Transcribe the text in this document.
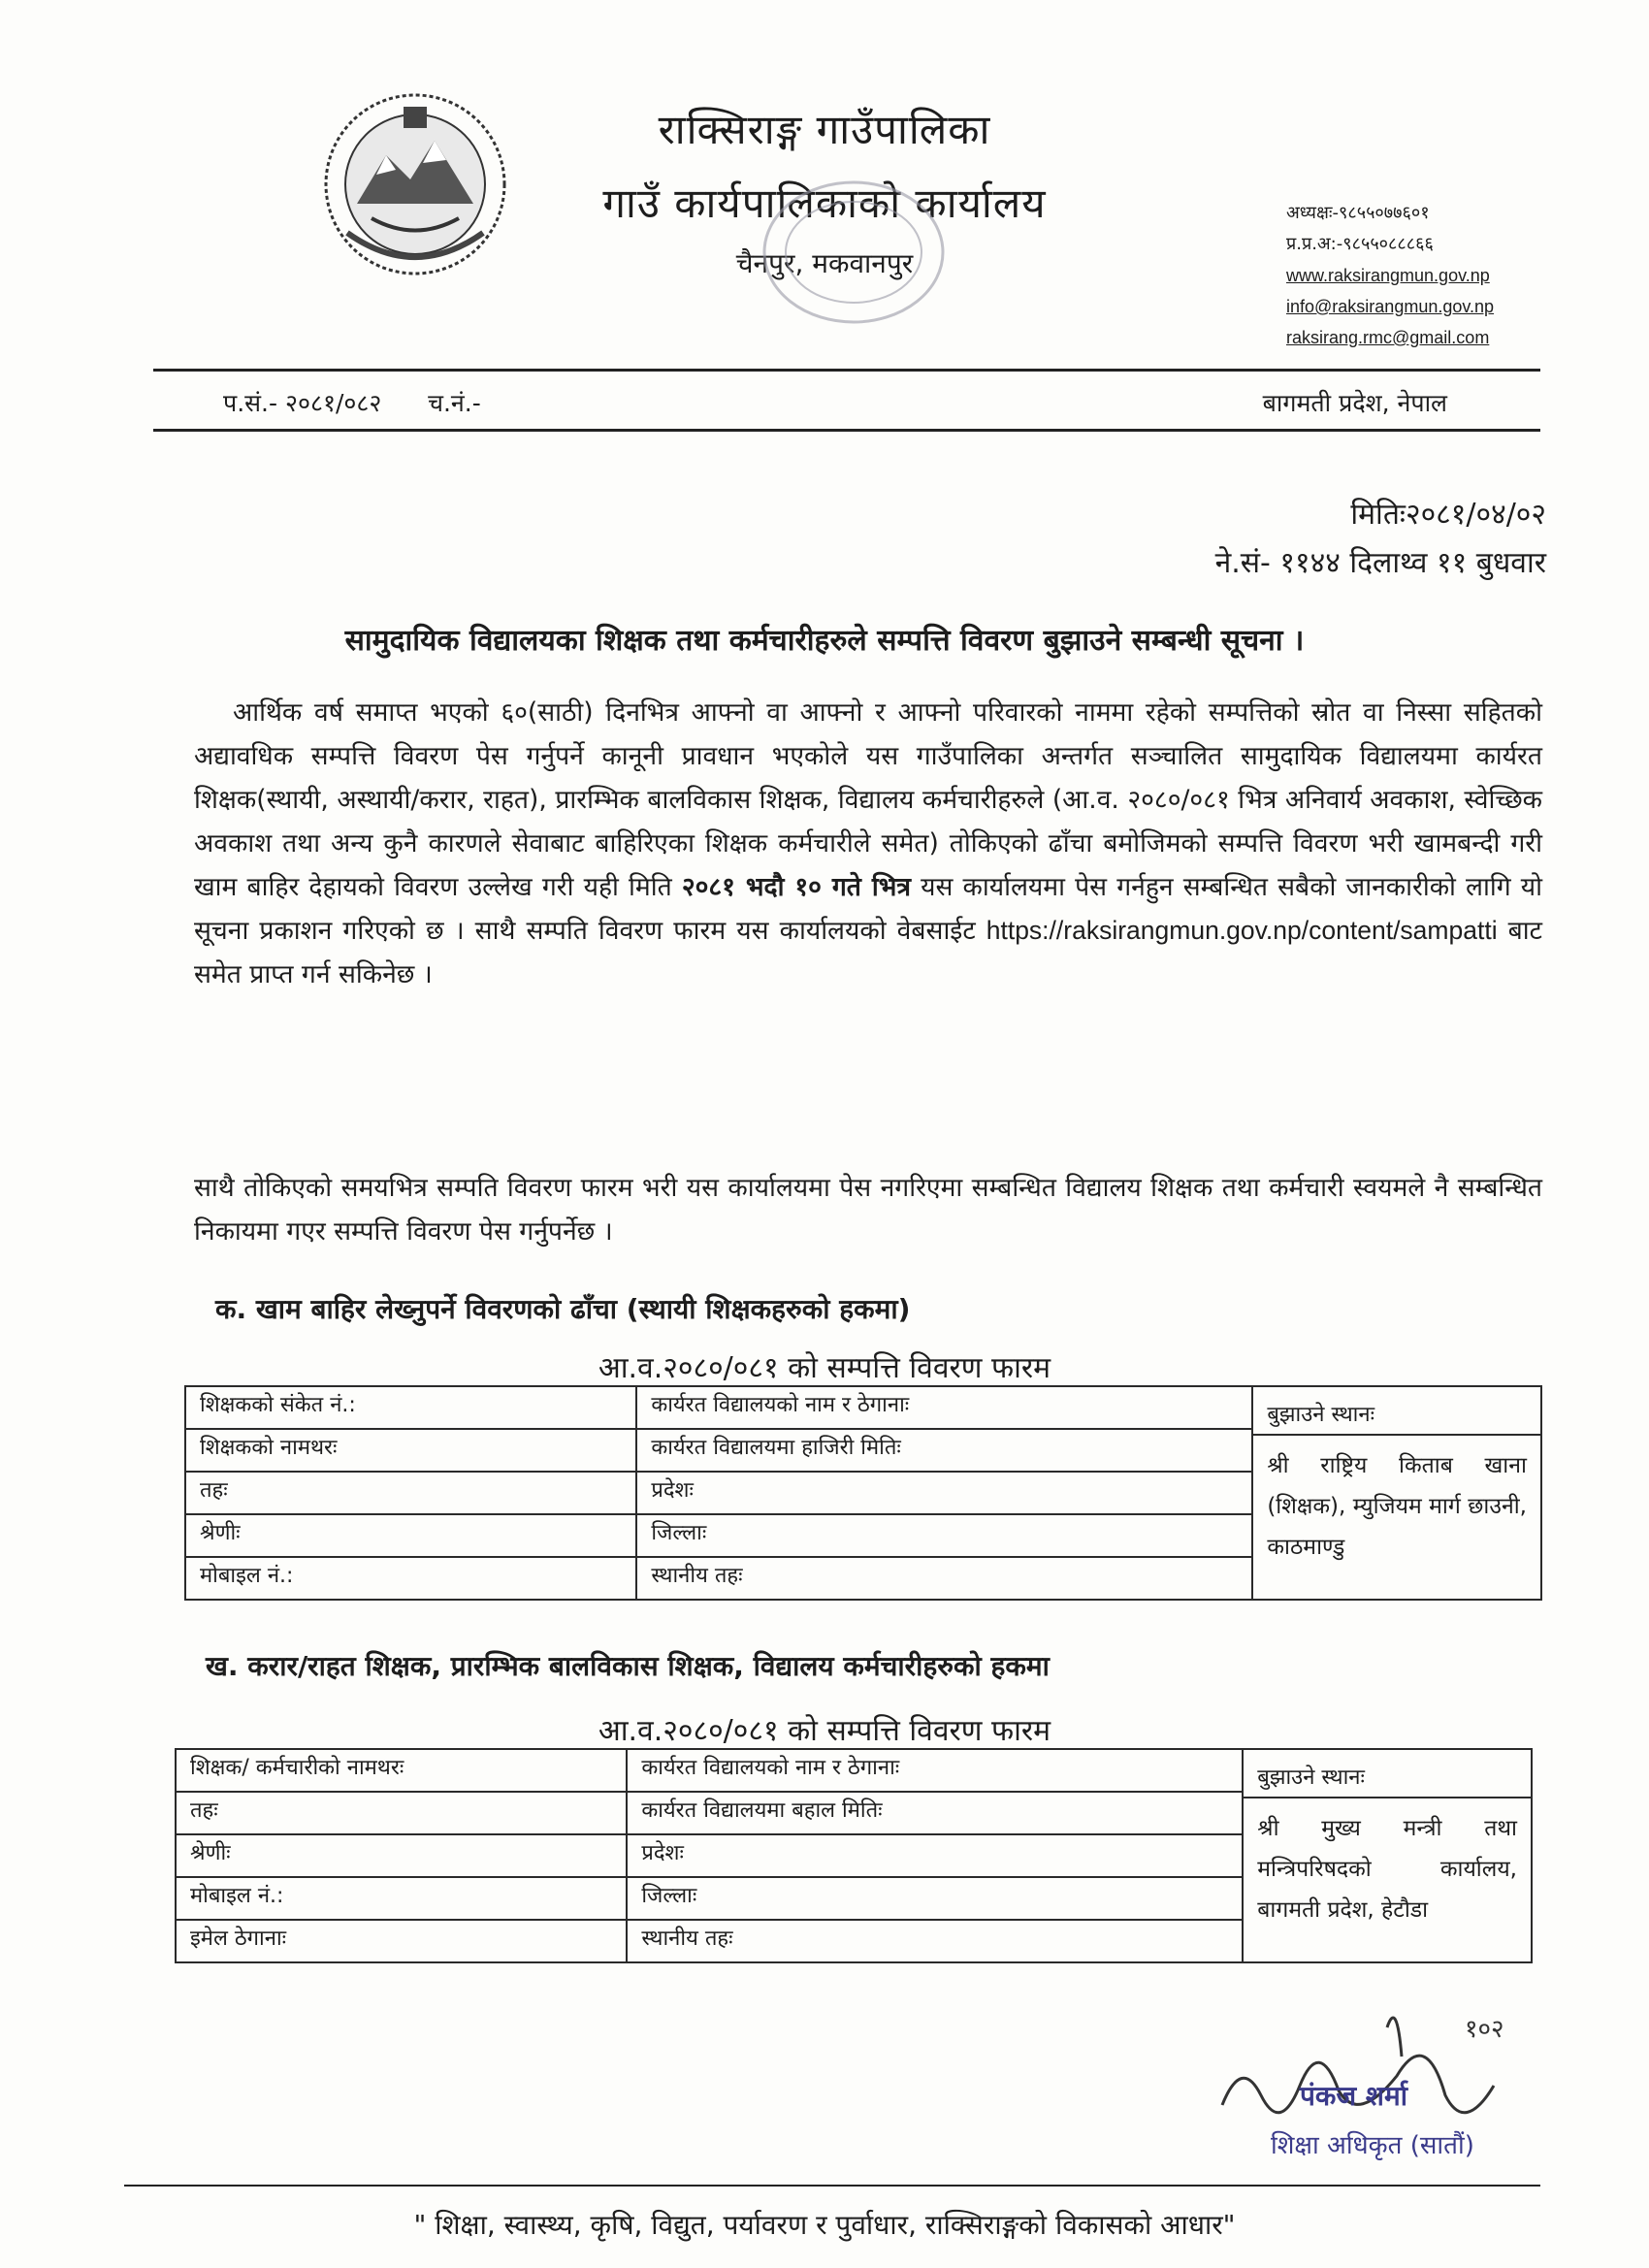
राक्सिराङ्ग गाउँपालिका
गाउँ कार्यपालिकाको कार्यालय
चैनपुर, मकवानपुर
अध्यक्षः-९८५५०७७६०१
प्र.प्र.अ:-९८५५०८८८६६
www.raksirangmun.gov.np
info@raksirangmun.gov.np
raksirang.rmc@gmail.com
प.सं.- २०८१/०८२ च.नं.-	बागमती प्रदेश, नेपाल
मितिः२०८१/०४/०२
ने.सं- ११४४ दिलाथ्व ११ बुधवार
सामुदायिक विद्यालयका शिक्षक तथा कर्मचारीहरुले सम्पत्ति विवरण बुझाउने सम्बन्धी सूचना ।
आर्थिक वर्ष समाप्त भएको ६०(साठी) दिनभित्र आफ्नो वा आफ्नो र आफ्नो परिवारको नाममा रहेको सम्पत्तिको स्रोत वा निस्सा सहितको अद्यावधिक सम्पत्ति विवरण पेस गर्नुपर्ने कानूनी प्रावधान भएकोले यस गाउँपालिका अन्तर्गत सञ्चालित सामुदायिक विद्यालयमा कार्यरत शिक्षक(स्थायी, अस्थायी/करार, राहत), प्रारम्भिक बालविकास शिक्षक, विद्यालय कर्मचारीहरुले (आ.व. २०८०/०८१ भित्र अनिवार्य अवकाश, स्वेच्छिक अवकाश तथा अन्य कुनै कारणले सेवाबाट बाहिरिएका शिक्षक कर्मचारीले समेत) तोकिएको ढाँचा बमोजिमको सम्पत्ति विवरण भरी खामबन्दी गरी खाम बाहिर देहायको विवरण उल्लेख गरी यही मिति २०८१ भदौ १० गते भित्र यस कार्यालयमा पेस गर्नहुन सम्बन्धित सबैको जानकारीको लागि यो सूचना प्रकाशन गरिएको छ । साथै सम्पति विवरण फारम यस कार्यालयको वेबसाईट https://raksirangmun.gov.np/content/sampatti बाट समेत प्राप्त गर्न सकिनेछ ।
साथै तोकिएको समयभित्र सम्पति विवरण फारम भरी यस कार्यालयमा पेस नगरिएमा सम्बन्धित विद्यालय शिक्षक तथा कर्मचारी स्वयमले नै सम्बन्धित निकायमा गएर सम्पत्ति विवरण पेस गर्नुपर्नेछ ।
क. खाम बाहिर लेख्नुपर्ने विवरणको ढाँचा (स्थायी शिक्षकहरुको हकमा)
आ.व.२०८०/०८१ को सम्पत्ति विवरण फारम
शिक्षकको संकेत नं.:	कार्यरत विद्यालयको नाम र ठेगानाः	बुझाउने स्थानः
श्री राष्ट्रिय किताब खाना (शिक्षक), म्युजियम मार्ग छाउनी, काठमाण्डु

शिक्षकको नामथरः	कार्यरत विद्यालयमा हाजिरी मितिः	
तहः	प्रदेशः	
श्रेणीः	जिल्लाः	
मोबाइल नं.:	स्थानीय तहः	
ख. करार/राहत शिक्षक, प्रारम्भिक बालविकास शिक्षक, विद्यालय कर्मचारीहरुको हकमा
आ.व.२०८०/०८१ को सम्पत्ति विवरण फारम
शिक्षक/ कर्मचारीको नामथरः	कार्यरत विद्यालयको नाम र ठेगानाः	बुझाउने स्थानः
श्री मुख्य मन्त्री तथा मन्त्रिपरिषदको कार्यालय, बागमती प्रदेश, हेटौडा

तहः	कार्यरत विद्यालयमा बहाल मितिः	
श्रेणीः	प्रदेशः	
मोबाइल नं.:	जिल्लाः	
इमेल ठेगानाः	स्थानीय तहः	
१०२
पंकज शर्मा
शिक्षा अधिकृत (सातौं)
" शिक्षा, स्वास्थ्य, कृषि, विद्युत, पर्यावरण र पुर्वाधार, राक्सिराङ्गको विकासको आधार"
